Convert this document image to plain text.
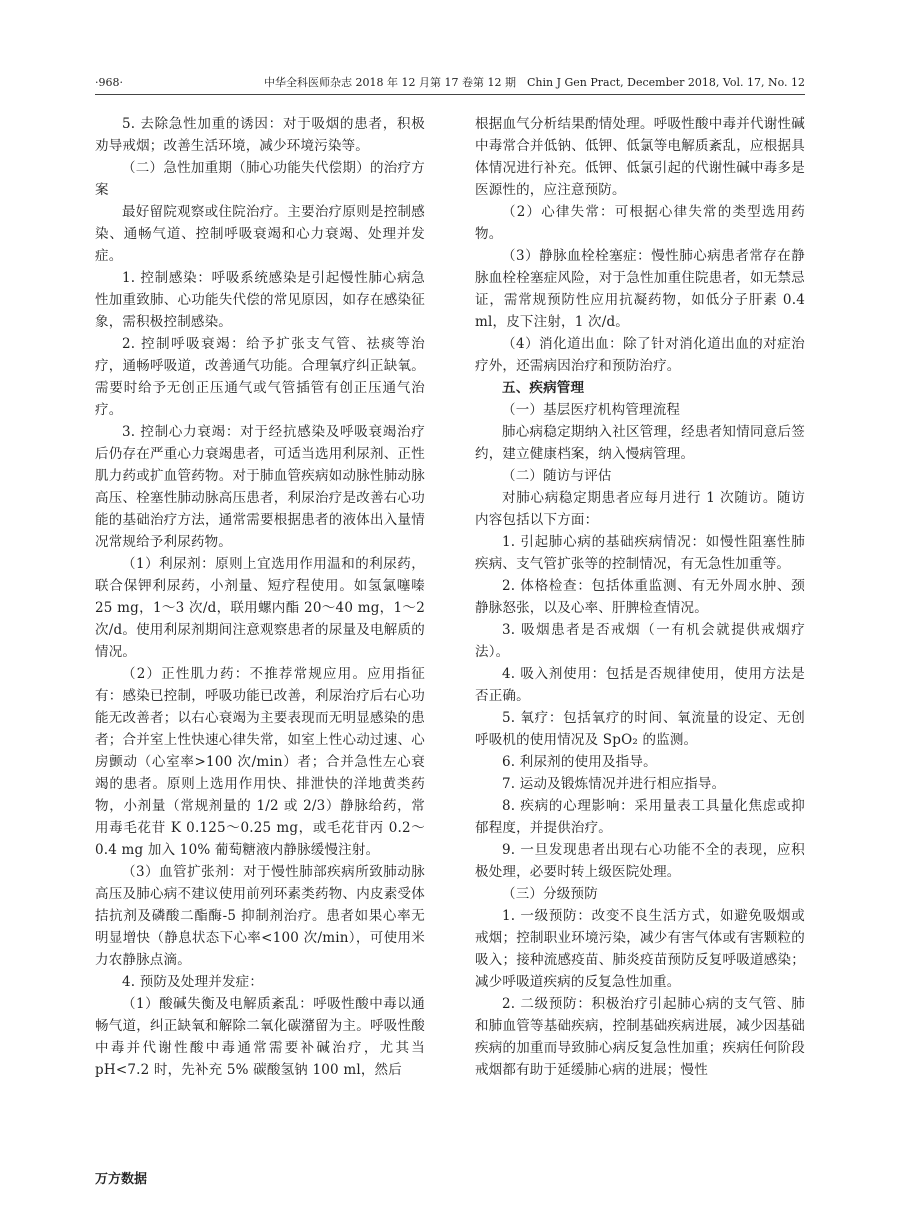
·968·	中华全科医师杂志 2018 年 12 月第 17 卷第 12 期　Chin J Gen Pract, December 2018, Vol. 17, No. 12

5. 去除急性加重的诱因：对于吸烟的患者，积极劝导戒烟；改善生活环境，减少环境污染等。

（二）急性加重期（肺心功能失代偿期）的治疗方案

最好留院观察或住院治疗。主要治疗原则是控制感染、通畅气道、控制呼吸衰竭和心力衰竭、处理并发症。

1. 控制感染：呼吸系统感染是引起慢性肺心病急性加重致肺、心功能失代偿的常见原因，如存在感染征象，需积极控制感染。

2. 控制呼吸衰竭：给予扩张支气管、祛痰等治疗，通畅呼吸道，改善通气功能。合理氧疗纠正缺氧。需要时给予无创正压通气或气管插管有创正压通气治疗。

3. 控制心力衰竭：对于经抗感染及呼吸衰竭治疗后仍存在严重心力衰竭患者，可适当选用利尿剂、正性肌力药或扩血管药物。对于肺血管疾病如动脉性肺动脉高压、栓塞性肺动脉高压患者，利尿治疗是改善右心功能的基础治疗方法，通常需要根据患者的液体出入量情况常规给予利尿药物。

（1）利尿剂：原则上宜选用作用温和的利尿药，联合保钾利尿药，小剂量、短疗程使用。如氢氯噻嗪 25 mg，1～3 次/d，联用螺内酯 20～40 mg，1～2 次/d。使用利尿剂期间注意观察患者的尿量及电解质的情况。

（2）正性肌力药：不推荐常规应用。应用指征有：感染已控制，呼吸功能已改善，利尿治疗后右心功能无改善者；以右心衰竭为主要表现而无明显感染的患者；合并室上性快速心律失常，如室上性心动过速、心房颤动（心室率>100 次/min）者；合并急性左心衰竭的患者。原则上选用作用快、排泄快的洋地黄类药物，小剂量（常规剂量的 1/2 或 2/3）静脉给药，常用毒毛花苷 K 0.125～0.25 mg，或毛花苷丙 0.2～0.4 mg 加入 10% 葡萄糖液内静脉缓慢注射。

（3）血管扩张剂：对于慢性肺部疾病所致肺动脉高压及肺心病不建议使用前列环素类药物、内皮素受体拮抗剂及磷酸二酯酶-5 抑制剂治疗。患者如果心率无明显增快（静息状态下心率<100 次/min），可使用米力农静脉点滴。

4. 预防及处理并发症：

（1）酸碱失衡及电解质紊乱：呼吸性酸中毒以通畅气道，纠正缺氧和解除二氧化碳潴留为主。呼吸性酸中毒并代谢性酸中毒通常需要补碱治疗，尤其当 pH<7.2 时，先补充 5% 碳酸氢钠 100 ml，然后

根据血气分析结果酌情处理。呼吸性酸中毒并代谢性碱中毒常合并低钠、低钾、低氯等电解质紊乱，应根据具体情况进行补充。低钾、低氯引起的代谢性碱中毒多是医源性的，应注意预防。

（2）心律失常：可根据心律失常的类型选用药物。

（3）静脉血栓栓塞症：慢性肺心病患者常存在静脉血栓栓塞症风险，对于急性加重住院患者，如无禁忌证，需常规预防性应用抗凝药物，如低分子肝素 0.4 ml，皮下注射，1 次/d。

（4）消化道出血：除了针对消化道出血的对症治疗外，还需病因治疗和预防治疗。

五、疾病管理

（一）基层医疗机构管理流程

肺心病稳定期纳入社区管理，经患者知情同意后签约，建立健康档案，纳入慢病管理。

（二）随访与评估

对肺心病稳定期患者应每月进行 1 次随访。随访内容包括以下方面：

1. 引起肺心病的基础疾病情况：如慢性阻塞性肺疾病、支气管扩张等的控制情况，有无急性加重等。

2. 体格检查：包括体重监测、有无外周水肿、颈静脉怒张，以及心率、肝脾检查情况。

3. 吸烟患者是否戒烟（一有机会就提供戒烟疗法）。

4. 吸入剂使用：包括是否规律使用，使用方法是否正确。

5. 氧疗：包括氧疗的时间、氧流量的设定、无创呼吸机的使用情况及 SpO₂ 的监测。

6. 利尿剂的使用及指导。

7. 运动及锻炼情况并进行相应指导。

8. 疾病的心理影响：采用量表工具量化焦虑或抑郁程度，并提供治疗。

9. 一旦发现患者出现右心功能不全的表现，应积极处理，必要时转上级医院处理。

（三）分级预防

1. 一级预防：改变不良生活方式，如避免吸烟或戒烟；控制职业环境污染，减少有害气体或有害颗粒的吸入；接种流感疫苗、肺炎疫苗预防反复呼吸道感染；减少呼吸道疾病的反复急性加重。

2. 二级预防：积极治疗引起肺心病的支气管、肺和肺血管等基础疾病，控制基础疾病进展，减少因基础疾病的加重而导致肺心病反复急性加重；疾病任何阶段戒烟都有助于延缓肺心病的进展；慢性

万方数据
